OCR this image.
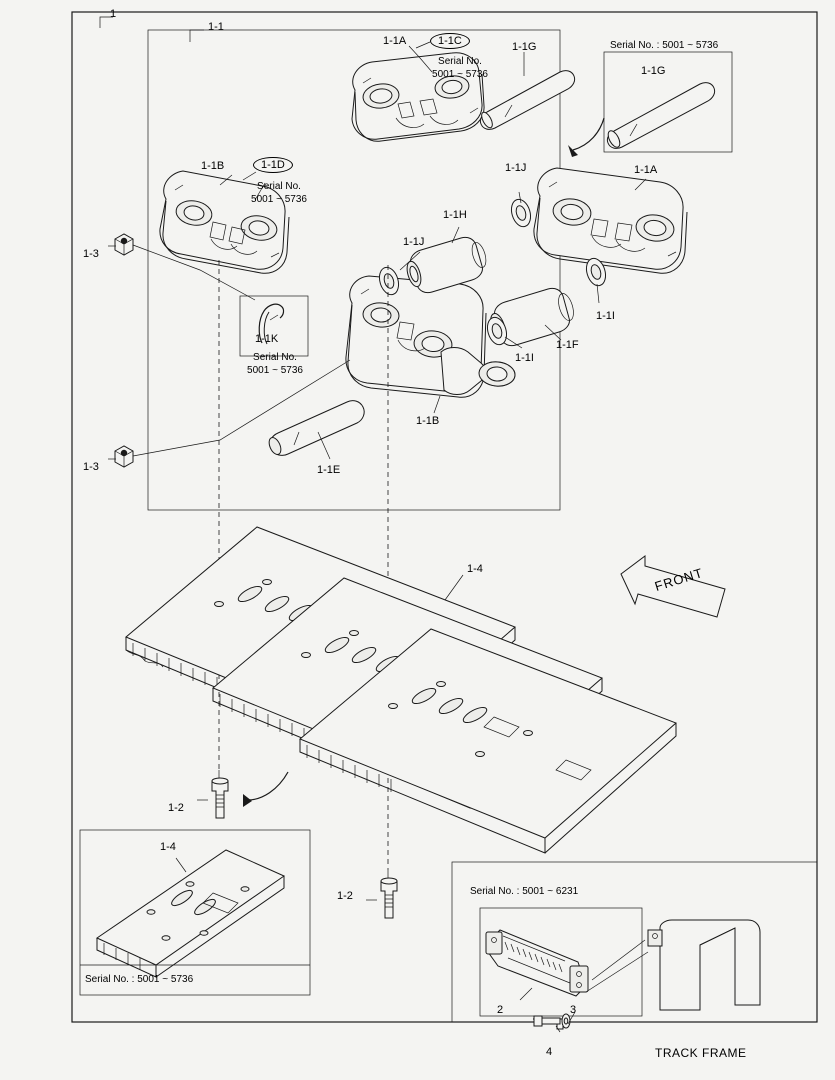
1
1-1
1-1A	1-1C
Serial No.
5001 ~ 5736
1-1G	Serial No. : 5001 ~ 5736
1-1G
1-1A
1-1B	1-1D
Serial No.
5001 ~ 5736
1-1J
1-1H
1-1J
1-1I
1-1F
1-1I
1-1K
Serial No.
5001 ~ 5736
1-1B
1-1E
1-3
1-3
1-4
1-2
1-2
1-4
Serial No. : 5001 ~ 5736
Serial No. : 5001 ~ 6231
2	3
4	TRACK FRAME
FRONT
